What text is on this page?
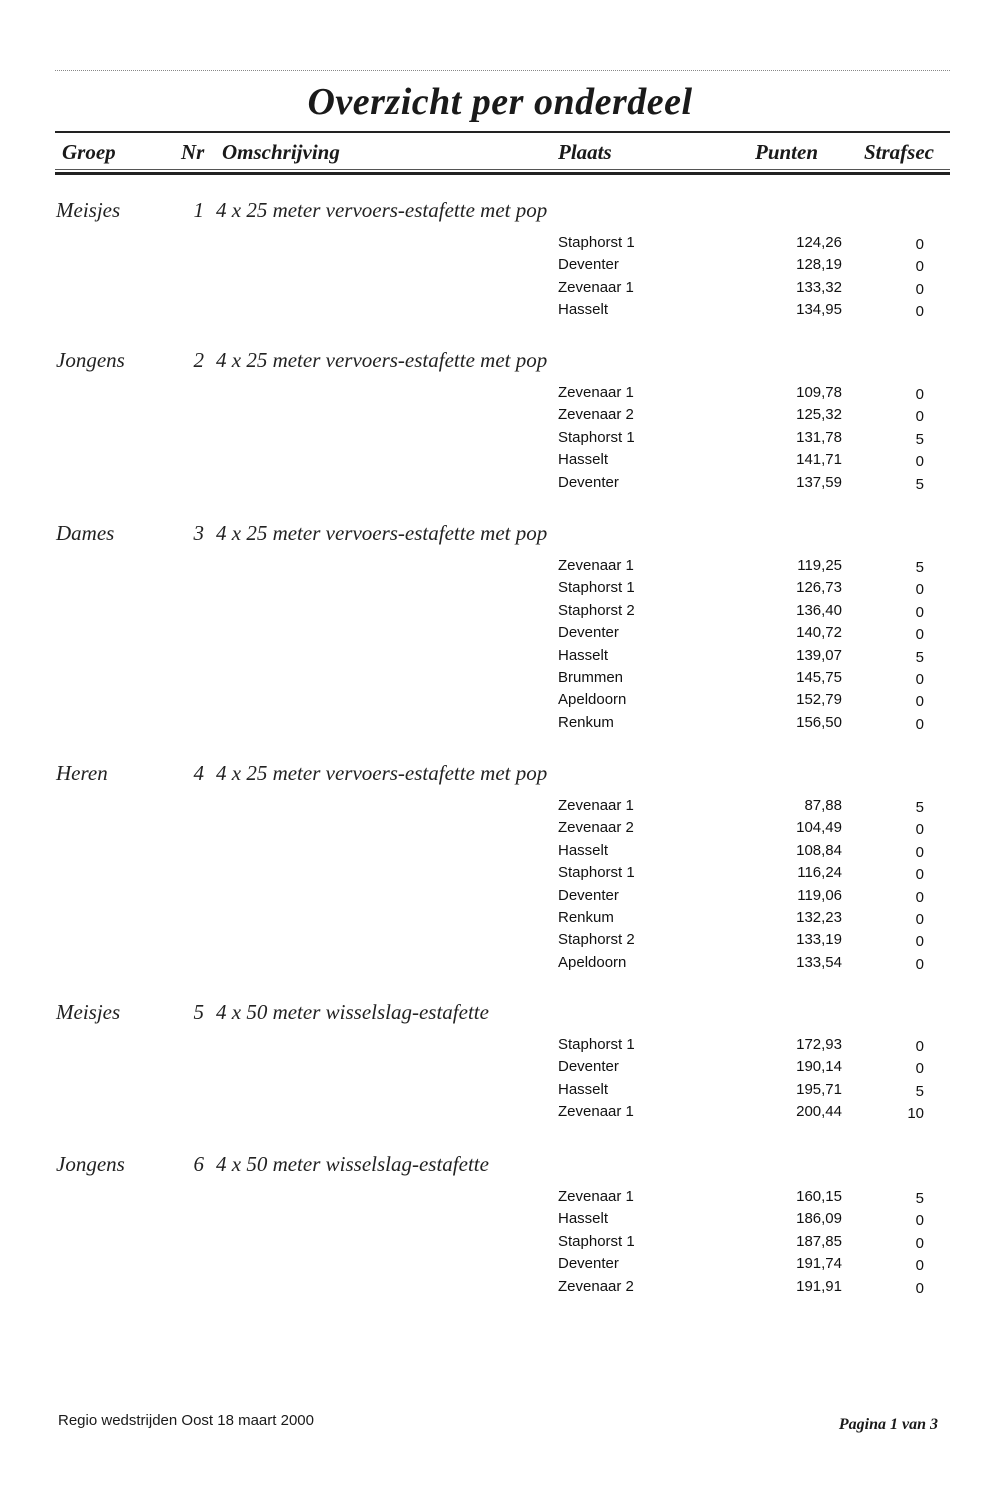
Overzicht per onderdeel
Groep	Nr Omschrijving	Plaats	Punten Strafsec
Meisjes	1 4 x 25 meter vervoers-estafette met pop
Staphorst 1	124,26	0
Deventer	128,19	0
Zevenaar 1	133,32	0
Hasselt	134,95	0
Jongens	2 4 x 25 meter vervoers-estafette met pop
Zevenaar 1	109,78	0
Zevenaar 2	125,32	0
Staphorst 1	131,78	5
Hasselt	141,71	0
Deventer	137,59	5
Dames	3 4 x 25 meter vervoers-estafette met pop
Zevenaar 1	119,25	5
Staphorst 1	126,73	0
Staphorst 2	136,40	0
Deventer	140,72	0
Hasselt	139,07	5
Brummen	145,75	0
Apeldoorn	152,79	0
Renkum	156,50	0
Heren	4 4 x 25 meter vervoers-estafette met pop
Zevenaar 1	87,88	5
Zevenaar 2	104,49	0
Hasselt	108,84	0
Staphorst 1	116,24	0
Deventer	119,06	0
Renkum	132,23	0
Staphorst 2	133,19	0
Apeldoorn	133,54	0
Meisjes	5 4 x 50 meter wisselslag-estafette
Staphorst 1	172,93	0
Deventer	190,14	0
Hasselt	195,71	5
Zevenaar 1	200,44	10
Jongens	6 4 x 50 meter wisselslag-estafette
Zevenaar 1	160,15	5
Hasselt	186,09	0
Staphorst 1	187,85	0
Deventer	191,74	0
Zevenaar 2	191,91	0
Regio wedstrijden Oost 18 maart 2000	Pagina 1 van 3
